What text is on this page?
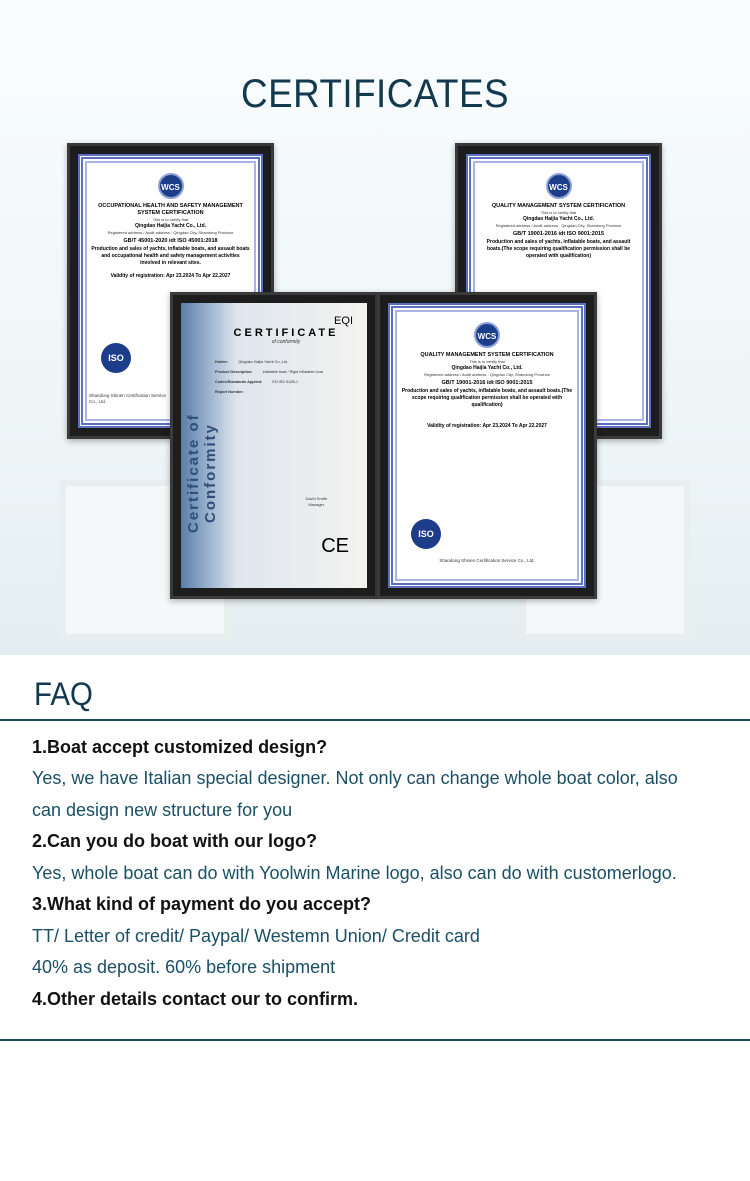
CERTIFICATES
WCS
OCCUPATIONAL HEALTH AND SAFETY MANAGEMENT SYSTEM CERTIFICATION
This is to certify that
Qingdao Haijia Yacht Co., Ltd.
Registered address / Audit address · Qingdao City, Shandong Province
GB/T 45001-2020 idt ISO 45001:2018
Production and sales of yachts, inflatable boats, and assault boats and occupational health and safety management activities involved in relevant sites.
Validity of registration: Apr 23.2024 To Apr 22.2027
ISO
Shandong Shinen Certification Service Co., Ltd.
WCS
QUALITY MANAGEMENT SYSTEM CERTIFICATION
This is to certify that
Qingdao Haijia Yacht Co., Ltd.
Registered address / Audit address · Qingdao City, Shandong Province
GB/T 19001-2016 idt ISO 9001:2015
Production and sales of yachts, inflatable boats, and assault boats.(The scope requiring qualification permission shall be operated with qualification)
Certificate of Conformity
EQI
CERTIFICATE
of conformity
Holder:	Qingdao Haijia Yacht Co.,Ltd.
Product Description:	Inflatable boat / Rigid inflatable boat
Codes/Standards Applied:	EN ISO 6185-1
Report Number:
David Smith
Manager
CE
WCS
QUALITY MANAGEMENT SYSTEM CERTIFICATION
This is to certify that
Qingdao Haijia Yacht Co., Ltd.
Registered address / Audit address · Qingdao City, Shandong Province
GB/T 19001-2016 idt ISO 9001:2015
Production and sales of yachts, inflatable boats, and assault boats.(The scope requiring qualification permission shall be operated with qualification)
Validity of registration: Apr 23.2024 To Apr 22.2027
ISO
Shandong Shinen Certification Service Co., Ltd.
FAQ
1.Boat accept customized design?
Yes, we have Italian special designer. Not only can change whole boat color, also
can design new structure for you
2.Can you do boat with our logo?
Yes, whole boat can do with Yoolwin Marine logo, also can do with customerlogo.
3.What kind of payment do you accept?
TT/ Letter of credit/ Paypal/ Westemn Union/ Credit card
40% as deposit. 60% before shipment
4.Other details contact our to confirm.
